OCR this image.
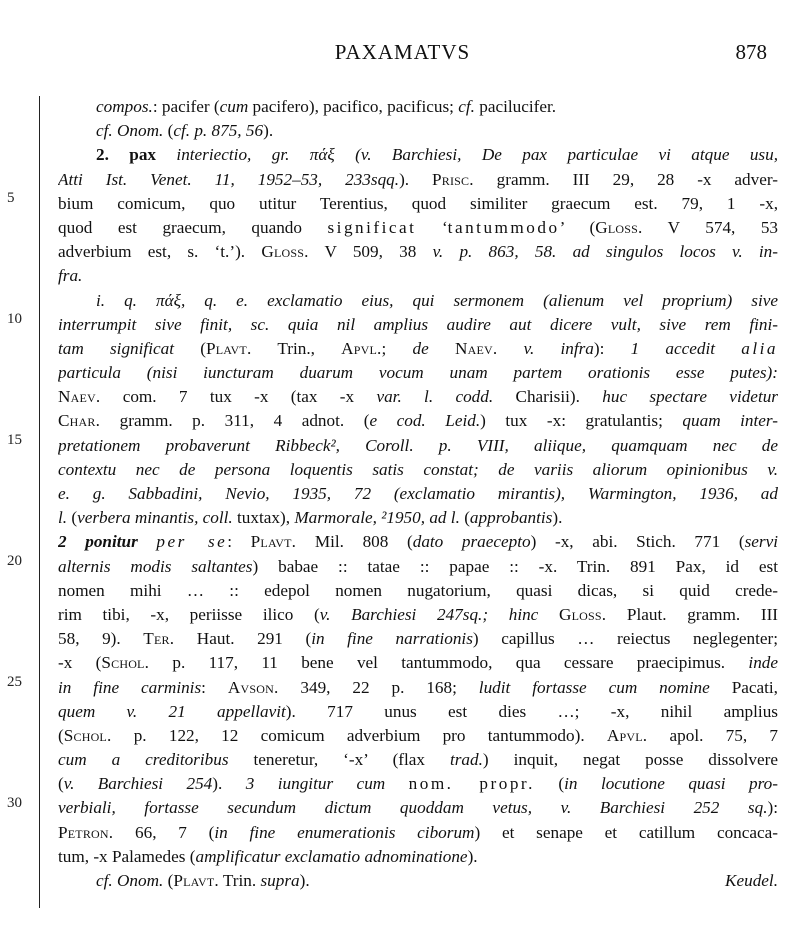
PAXAMATVS	878
5
10
15
20
25
30
compos.: pacifer (cum pacifero), pacifico, pacificus; cf. pacilucifer.
cf. Onom. (cf. p. 875, 56).
2. pax interiectio, gr. πάξ (v. Barchiesi, De pax particulae vi atque usu,
Atti Ist. Venet. 11, 1952–53, 233sqq.). Prisc. gramm. III 29, 28 -x adver-
bium comicum, quo utitur Terentius, quod similiter graecum est. 79, 1 -x,
quod est graecum, quando significat ‘tantummodo’ (Gloss. V 574, 53
adverbium est, s. ‘t.’). Gloss. V 509, 38 v. p. 863, 58. ad singulos locos v. in-
fra.
i. q. πάξ, q. e. exclamatio eius, qui sermonem (alienum vel proprium) sive
interrumpit sive finit, sc. quia nil amplius audire aut dicere vult, sive rem fini-
tam significat (Plavt. Trin., Apvl.; de Naev. v. infra): 1 accedit alia
particula (nisi iuncturam duarum vocum unam partem orationis esse putes):
Naev. com. 7 tux -x (tax -x var. l. codd. Charisii). huc spectare videtur
Char. gramm. p. 311, 4 adnot. (e cod. Leid.) tux -x: gratulantis; quam inter-
pretationem probaverunt Ribbeck², Coroll. p. VIII, aliique, quamquam nec de
contextu nec de persona loquentis satis constat; de variis aliorum opinionibus v.
e. g. Sabbadini, Nevio, 1935, 72 (exclamatio mirantis), Warmington, 1936, ad
l. (verbera minantis, coll. tuxtax), Marmorale, ²1950, ad l. (approbantis).
2 ponitur per se: Plavt. Mil. 808 (dato praecepto) -x, abi. Stich. 771 (servi
alternis modis saltantes) babae :: tatae :: papae :: -x. Trin. 891 Pax, id est
nomen mihi … :: edepol nomen nugatorium, quasi dicas, si quid crede-
rim tibi, -x, periisse ilico (v. Barchiesi 247sq.; hinc Gloss. Plaut. gramm. III
58, 9). Ter. Haut. 291 (in fine narrationis) capillus … reiectus neglegenter;
-x (Schol. p. 117, 11 bene vel tantummodo, qua cessare praecipimus. inde
in fine carminis: Avson. 349, 22 p. 168; ludit fortasse cum nomine Pacati,
quem v. 21 appellavit). 717 unus est dies …; -x, nihil amplius
(Schol. p. 122, 12 comicum adverbium pro tantummodo). Apvl. apol. 75, 7
cum a creditoribus teneretur, ‘-x’ (flax trad.) inquit, negat posse dissolvere
(v. Barchiesi 254). 3 iungitur cum nom. propr. (in locutione quasi pro-
verbiali, fortasse secundum dictum quoddam vetus, v. Barchiesi 252 sq.):
Petron. 66, 7 (in fine enumerationis ciborum) et senape et catillum concaca-
tum, -x Palamedes (amplificatur exclamatio adnominatione).
cf. Onom. (Plavt. Trin. supra).	Keudel.
